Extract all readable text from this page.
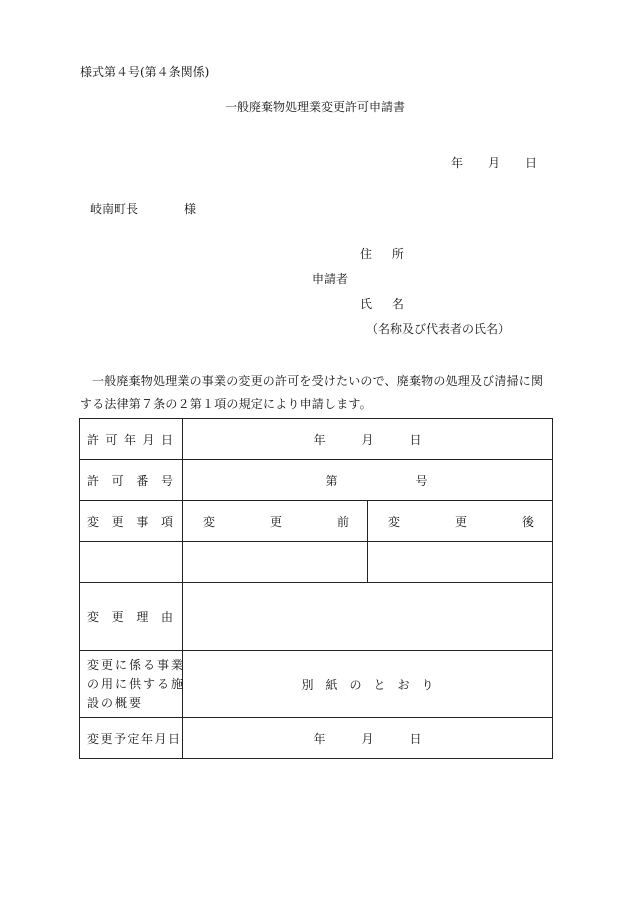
様式第４号(第４条関係)
一般廃棄物処理業変更許可申請書
年	月	日
岐南町長	様
住 所
申請者
氏 名
（名称及び代表者の氏名）
一般廃棄物処理業の事業の変更の許可を受けたいので、廃棄物の処理及び清掃に関する法律第７条の２第１項の規定により申請します。
許 可 年 月 日	年 月 日	

許 可 番 号	第 号	

変 更 事 項	変 更 前	変 更 後

変 更 理 由		

変更に係る事業
の用に供する施
設の概要	別　紙　の　と　お　り	
変更予定年月日	年 月 日	
